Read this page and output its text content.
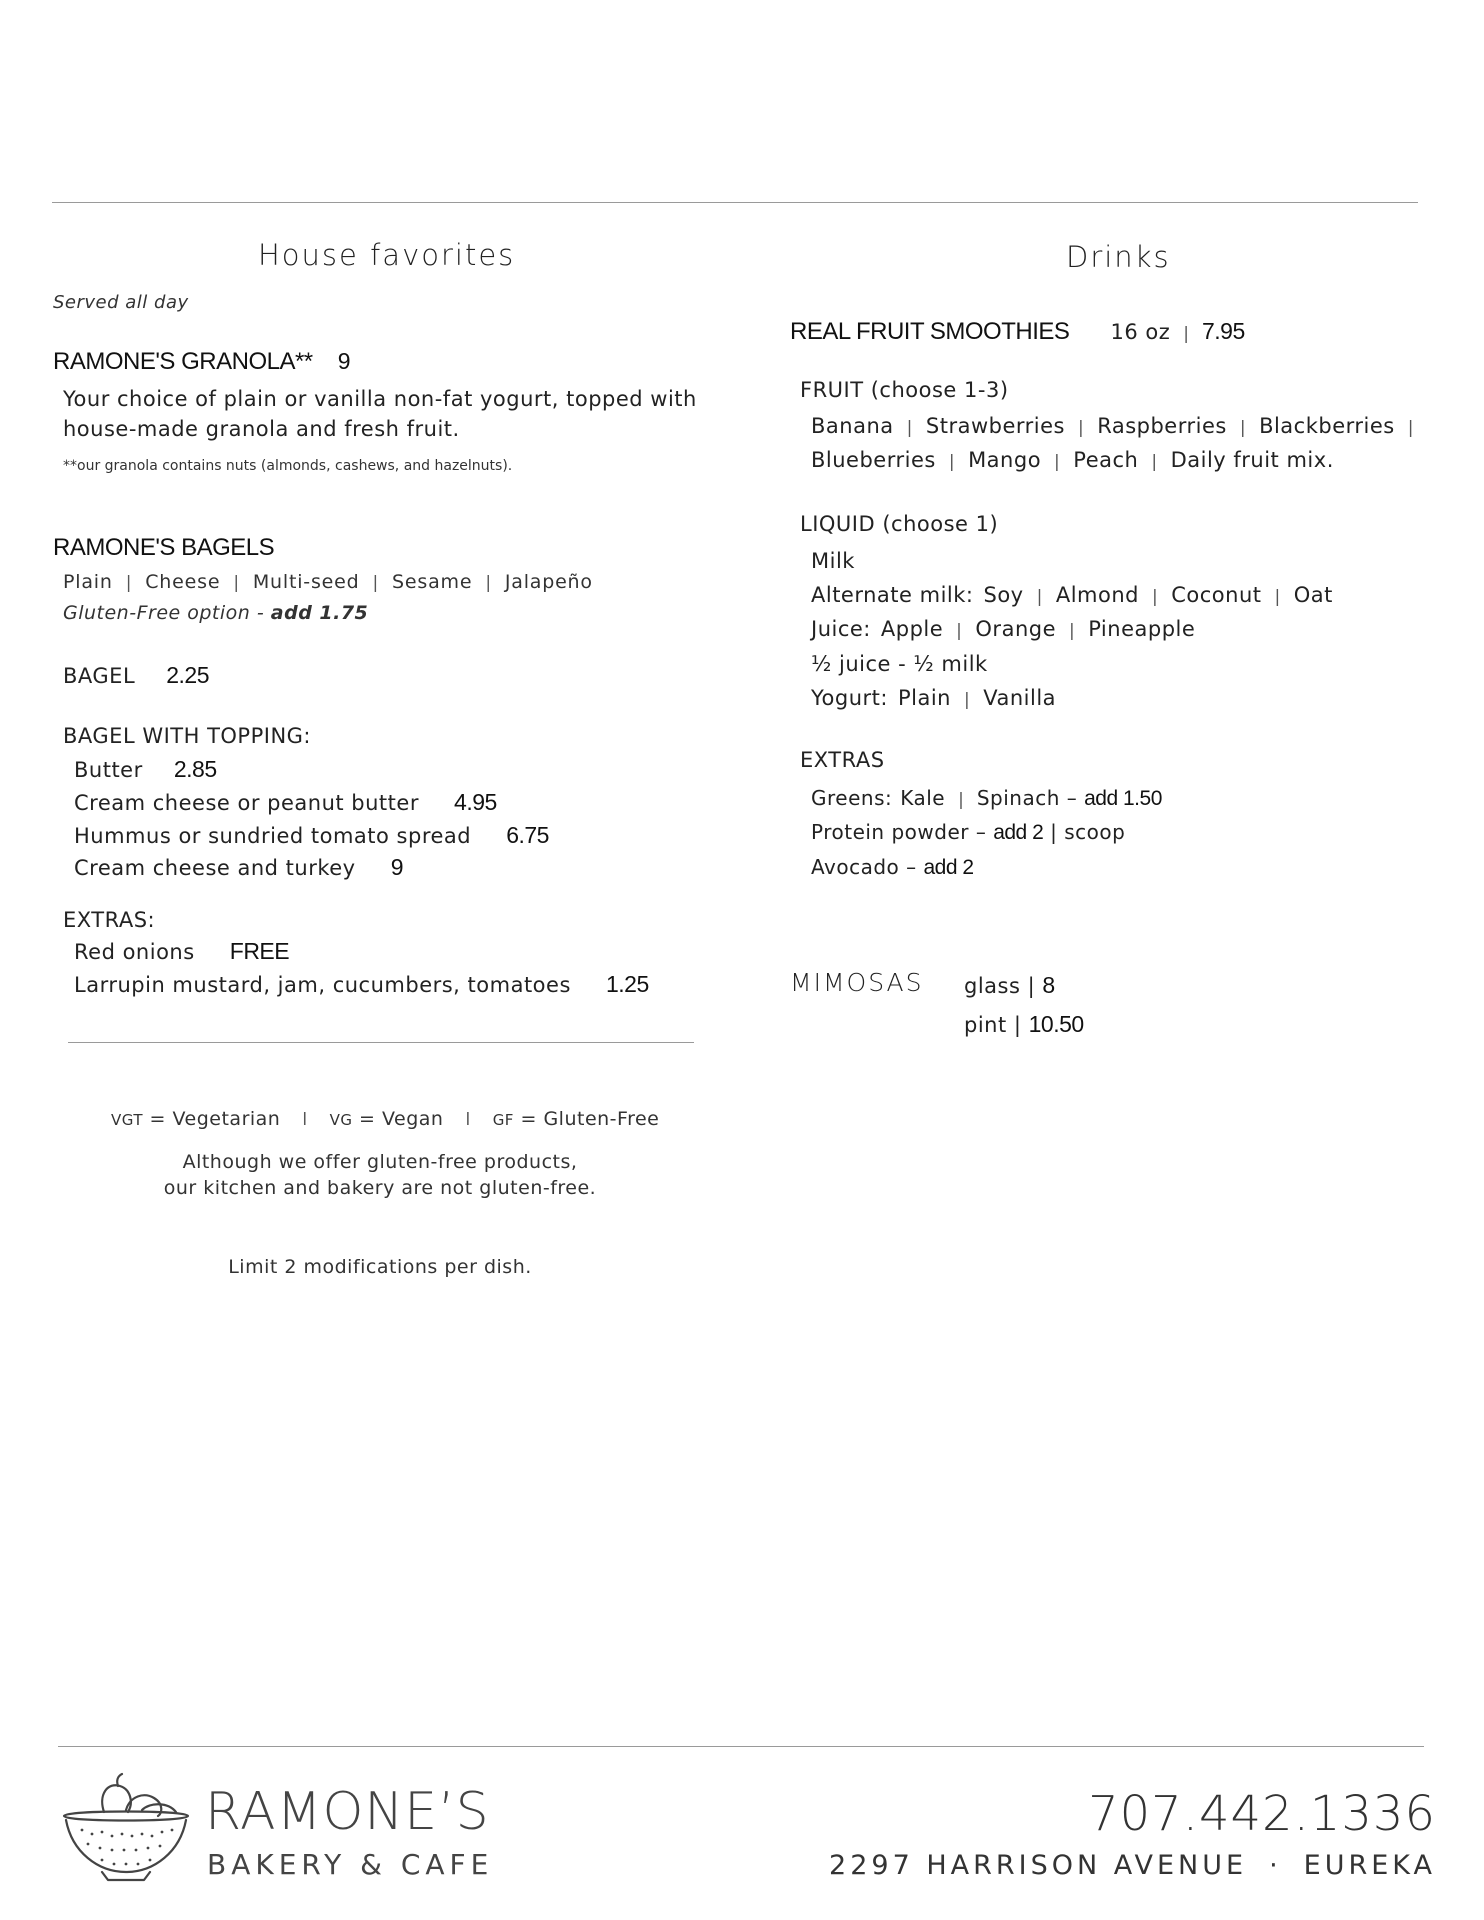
House favorites
Served all day
RAMONE'S GRANOLA** 9
Your choice of plain or vanilla non-fat yogurt, topped with
house-made granola and fresh fruit.
**our granola contains nuts (almonds, cashews, and hazelnuts).
RAMONE'S BAGELS
Plain | Cheese | Multi-seed | Sesame | Jalapeño
Gluten-Free option - add 1.75
BAGEL 2.25
BAGEL WITH TOPPING:
Butter 2.85
Cream cheese or peanut butter 4.95
Hummus or sundried tomato spread 6.75
Cream cheese and turkey 9
EXTRAS:
Red onions FREE
Larrupin mustard, jam, cucumbers, tomatoes 1.25
VGT = Vegetarian l VG = Vegan l GF = Gluten-Free
Although we offer gluten-free products,
our kitchen and bakery are not gluten-free.
Limit 2 modifications per dish.
Drinks
REAL FRUIT SMOOTHIES 16 oz | 7.95
FRUIT (choose 1-3)
Banana | Strawberries | Raspberries | Blackberries |
Blueberries | Mango | Peach | Daily fruit mix.
LIQUID (choose 1)
Milk
Alternate milk: Soy | Almond | Coconut | Oat
Juice: Apple | Orange | Pineapple
½ juice - ½ milk
Yogurt: Plain | Vanilla
EXTRAS
Greens: Kale | Spinach – add 1.50
Protein powder – add 2 | scoop
Avocado – add 2
MIMOSAS glass | 8
pint | 10.50
RAMONE’S
BAKERY & CAFE
707.442.1336
2297 HARRISON AVENUE · EUREKA
